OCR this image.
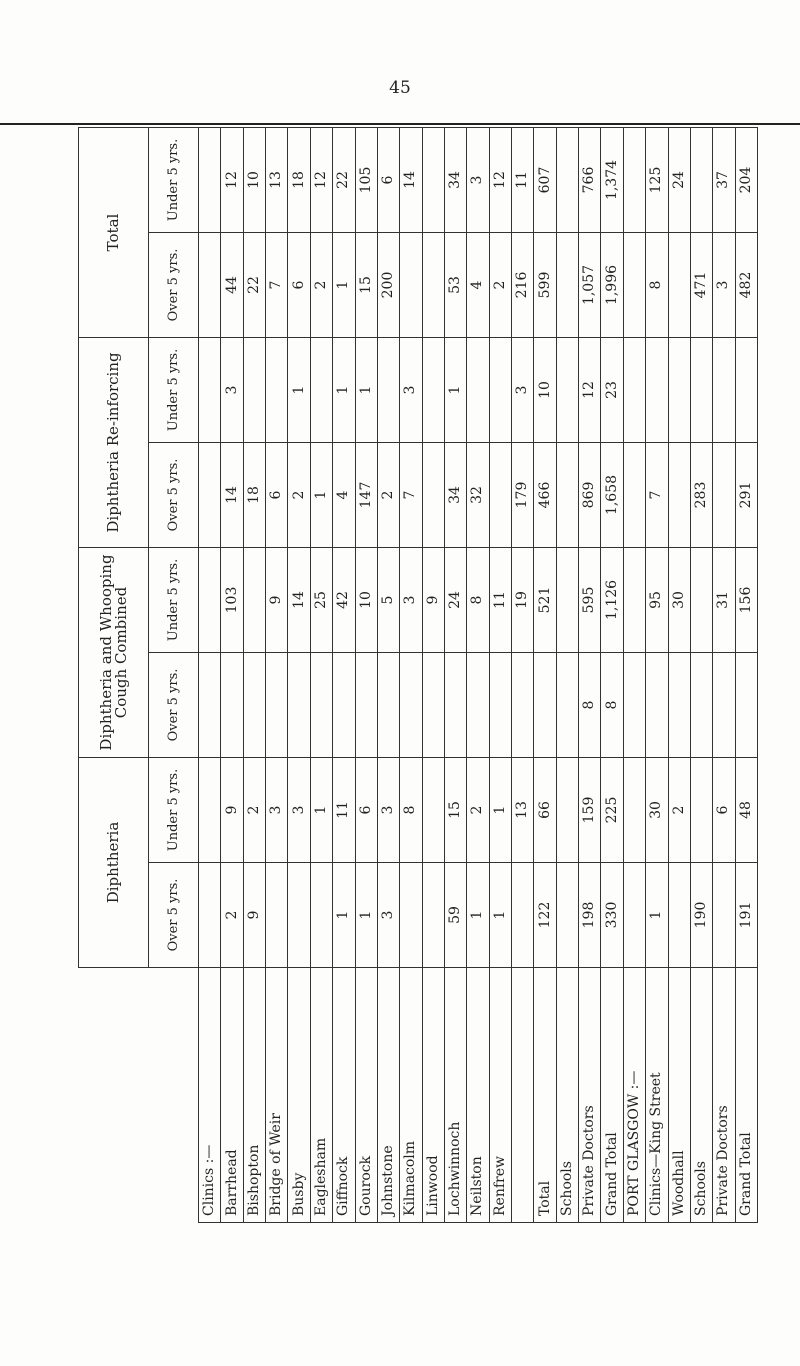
45
	Diphtheria		Diphtheria and Whooping Cough Combined		Diphtheria Re-inforcing		Total	
	Over 5 yrs.	Under 5 yrs.	Over 5 yrs.	Under 5 yrs.	Over 5 yrs.	Under 5 yrs.	Over 5 yrs.	Under 5 yrs.
Clinics :—								
Barrhead	2	9		103	14	3	44	12
Bishopton	9	2			18		22	10
Bridge of Weir		3		9	6		7	13
Busby		3		14	2	1	6	18
Eaglesham		1		25	1		2	12
Giffnock	1	11		42	4	1	1	22
Gourock	1	6		10	147	1	15	105
Johnstone	3	3		5	2		200	6
Kilmacolm		8		3	7	3		14
Linwood				9				
Lochwinnoch	59	15		24	34	1	53	34
Neilston	1	2		8	32		4	3
Renfrew	1	1		11			2	12
		13		19	179	3	216	11
Total	122	66		521	466	10	599	607
Schools								
Private Doctors	198	159	8	595	869	12	1,057	766
Grand Total	330	225	8	1,126	1,658	23	1,996	1,374
PORT GLASGOW :—								
Clinics—King Street	1	30		95	7		8	125
Woodhall		2		30				24
Schools	190				283		471	
Private Doctors		6		31			3	37
Grand Total	191	48		156	291		482	204
